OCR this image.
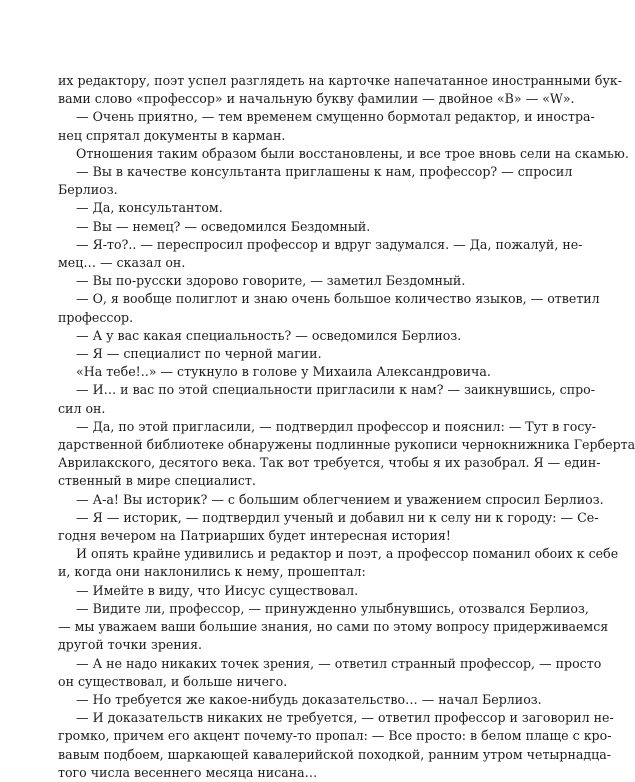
их редактору, поэт успел разглядеть на карточке напечатанное иностранными бук-
вами слово «профессор» и начальную букву фамилии — двойное «В» — «W».
— Очень приятно, — тем временем смущенно бормотал редактор, и иностра-
нец спрятал документы в карман.
Отношения таким образом были восстановлены, и все трое вновь сели на скамью.
— Вы в качестве консультанта приглашены к нам, профессор? — спросил
Берлиоз.
— Да, консультантом.
— Вы — немец? — осведомился Бездомный.
— Я-то?.. — переспросил профессор и вдруг задумался. — Да, пожалуй, не-
мец… — сказал он.
— Вы по-русски здорово говорите, — заметил Бездомный.
— О, я вообще полиглот и знаю очень большое количество языков, — ответил
профессор.
— А у вас какая специальность? — осведомился Берлиоз.
— Я — специалист по черной магии.
«На тебе!..» — стукнуло в голове у Михаила Александровича.
— И… и вас по этой специальности пригласили к нам? — заикнувшись, спро-
сил он.
— Да, по этой пригласили, — подтвердил профессор и пояснил: — Тут в госу-
дарственной библиотеке обнаружены подлинные рукописи чернокнижника Герберта
Аврилакского, десятого века. Так вот требуется, чтобы я их разобрал. Я — един-
ственный в мире специалист.
— А-а! Вы историк? — с большим облегчением и уважением спросил Берлиоз.
— Я — историк, — подтвердил ученый и добавил ни к селу ни к городу: — Се-
годня вечером на Патриарших будет интересная история!
И опять крайне удивились и редактор и поэт, а профессор поманил обоих к себе
и, когда они наклонились к нему, прошептал:
— Имейте в виду, что Иисус существовал.
— Видите ли, профессор, — принужденно улыбнувшись, отозвался Берлиоз,
— мы уважаем ваши большие знания, но сами по этому вопросу придерживаемся
другой точки зрения.
— А не надо никаких точек зрения, — ответил странный профессор, — просто
он существовал, и больше ничего.
— Но требуется же какое-нибудь доказательство… — начал Берлиоз.
— И доказательств никаких не требуется, — ответил профессор и заговорил не-
громко, причем его акцент почему-то пропал: — Все просто: в белом плаще с кро-
вавым подбоем, шаркающей кавалерийской походкой, ранним утром четырнадца-
того числа весеннего месяца нисана…
